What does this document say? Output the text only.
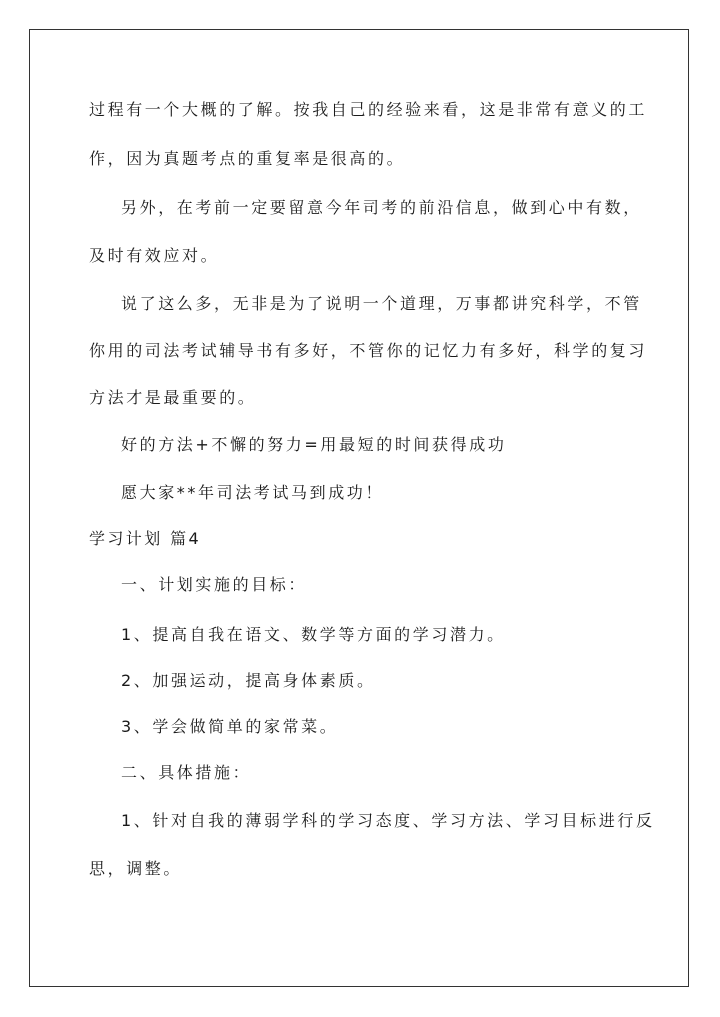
过程有一个大概的了解。按我自己的经验来看，这是非常有意义的工

作，因为真题考点的重复率是很高的。

另外，在考前一定要留意今年司考的前沿信息，做到心中有数，

及时有效应对。

说了这么多，无非是为了说明一个道理，万事都讲究科学，不管

你用的司法考试辅导书有多好，不管你的记忆力有多好，科学的复习

方法才是最重要的。

好的方法+不懈的努力=用最短的时间获得成功

愿大家**年司法考试马到成功！

学习计划 篇4

一、计划实施的目标：

1、提高自我在语文、数学等方面的学习潜力。

2、加强运动，提高身体素质。

3、学会做简单的家常菜。

二、具体措施：

1、针对自我的薄弱学科的学习态度、学习方法、学习目标进行反

思，调整。
